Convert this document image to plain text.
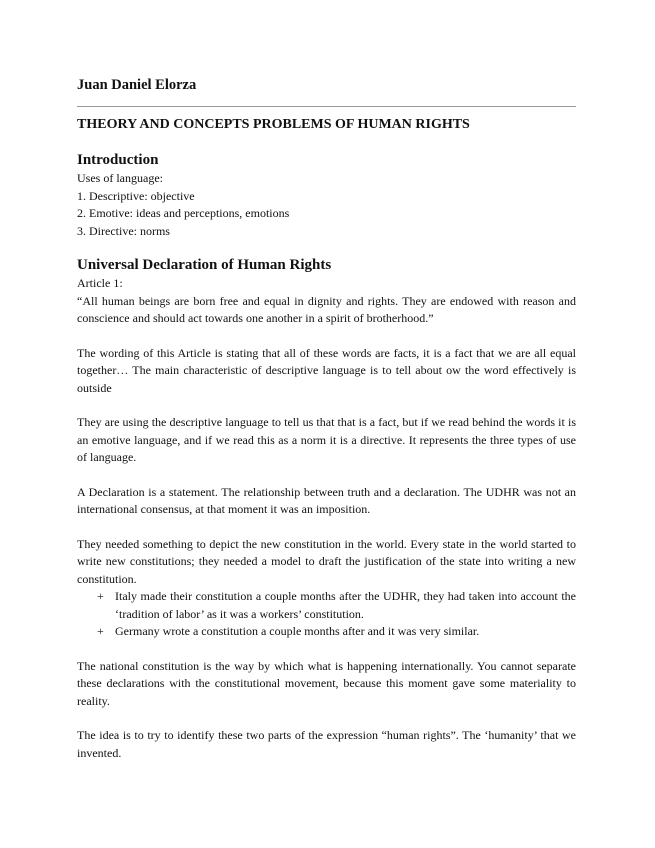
Juan Daniel Elorza

THEORY AND CONCEPTS PROBLEMS OF HUMAN RIGHTS

Introduction

Uses of language:

1. Descriptive: objective

2. Emotive: ideas and perceptions, emotions

3. Directive: norms

Universal Declaration of Human Rights

Article 1:

“All human beings are born free and equal in dignity and rights. They are endowed with reason and conscience and should act towards one another in a spirit of brotherhood.”

The wording of this Article is stating that all of these words are facts, it is a fact that we are all equal together… The main characteristic of descriptive language is to tell about ow the word effectively is outside

They are using the descriptive language to tell us that that is a fact, but if we read behind the words it is an emotive language, and if we read this as a norm it is a directive. It represents the three types of use of language.

A Declaration is a statement. The relationship between truth and a declaration. The UDHR was not an international consensus, at that moment it was an imposition.

They needed something to depict the new constitution in the world. Every state in the world started to write new constitutions; they needed a model to draft the justification of the state into writing a new constitution.

+ Italy made their constitution a couple months after the UDHR, they had taken into account the ‘tradition of labor’ as it was a workers’ constitution.
+ Germany wrote a constitution a couple months after and it was very similar.

The national constitution is the way by which what is happening internationally. You cannot separate these declarations with the constitutional movement, because this moment gave some materiality to reality.

The idea is to try to identify these two parts of the expression “human rights”. The ‘humanity’ that we invented.
